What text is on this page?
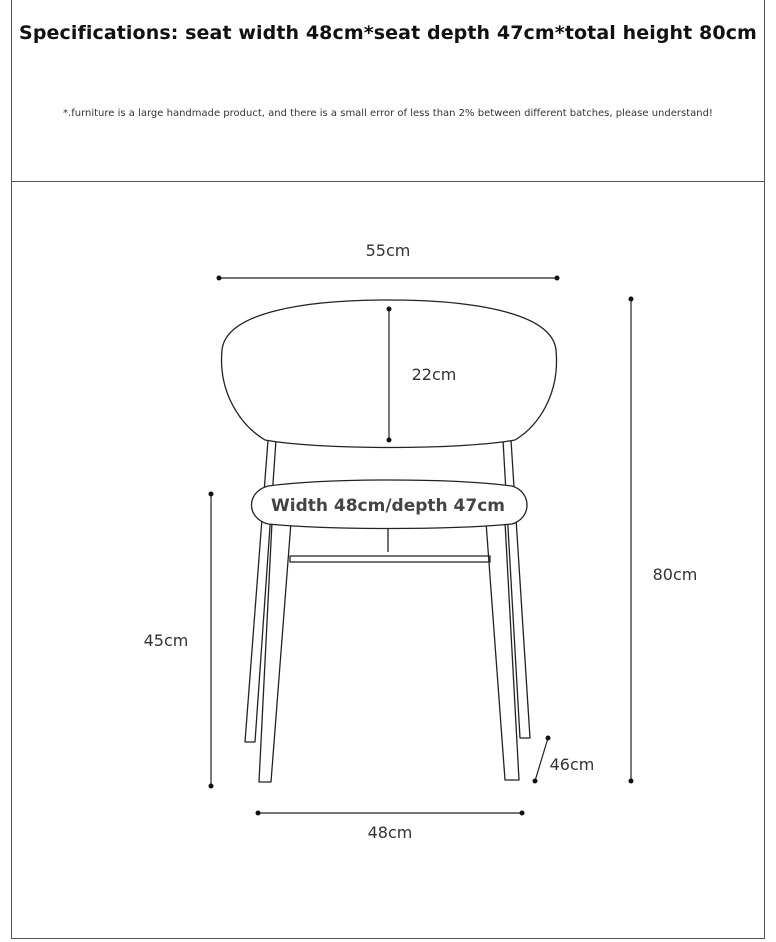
Specifications: seat width 48cm*seat depth 47cm*total height 80cm
*.furniture is a large handmade product, and there is a small error of less than 2% between different batches, please understand!
55cm
22cm
Width 48cm/depth 47cm
45cm
80cm
46cm
48cm
